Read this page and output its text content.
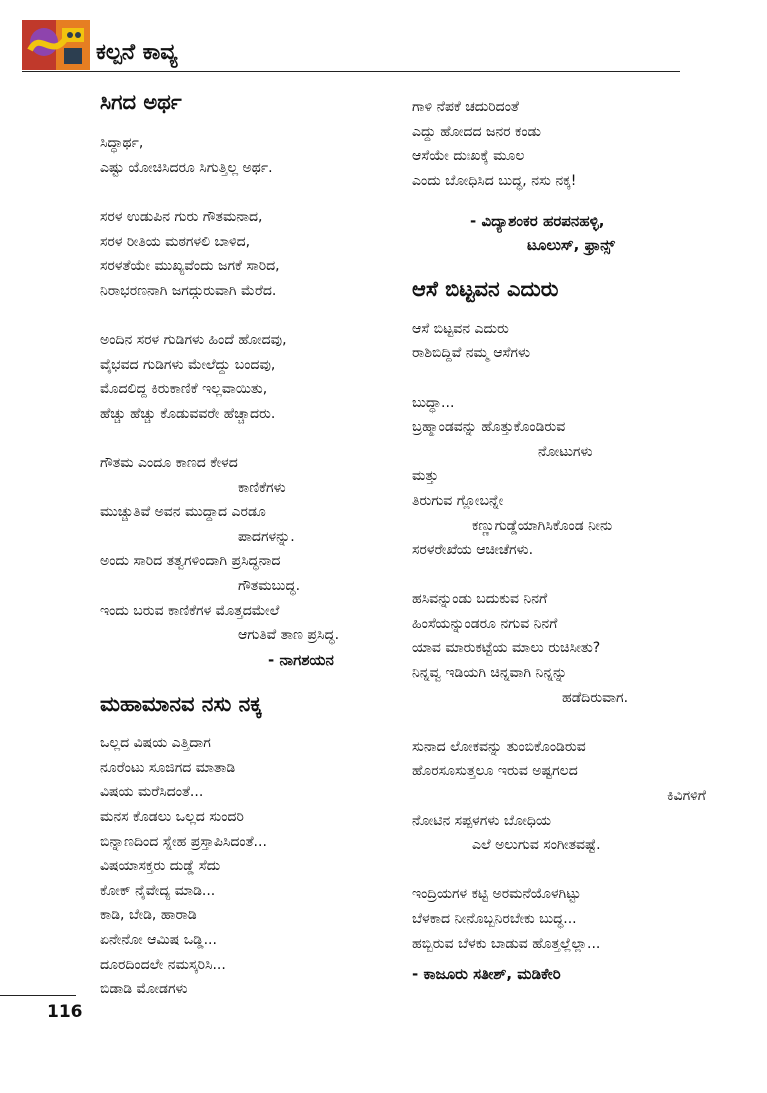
ಕಲ್ಪನೆ ಕಾವ್ಯ
ಸಿಗದ ಅರ್ಥ
ಸಿದ್ಧಾರ್ಥ,
ಎಷ್ಟು ಯೋಚಿಸಿದರೂ ಸಿಗುತ್ತಿಲ್ಲ ಅರ್ಥ.
ಸರಳ ಉಡುಪಿನ ಗುರು ಗೌತಮನಾದ,
ಸರಳ ರೀತಿಯ ಮಠಗಳಲಿ ಬಾಳಿದ,
ಸರಳತೆಯೇ ಮುಖ್ಯವೆಂದು ಜಗಕೆ ಸಾರಿದ,
ನಿರಾಭರಣನಾಗಿ ಜಗದ್ಗುರುವಾಗಿ ಮೆರೆದ.
ಅಂದಿನ ಸರಳ ಗುಡಿಗಳು ಹಿಂದೆ ಹೋದವು,
ವೈಭವದ ಗುಡಿಗಳು ಮೇಲೆದ್ದು ಬಂದವು,
ಮೊದಲಿದ್ದ ಕಿರುಕಾಣಿಕೆ ಇಲ್ಲವಾಯಿತು,
ಹೆಚ್ಚು ಹೆಚ್ಚು ಕೊಡುವವರೇ ಹೆಚ್ಚಾದರು.
ಗೌತಮ ಎಂದೂ ಕಾಣದ ಕೇಳದ
ಕಾಣಿಕೆಗಳು
ಮುಚ್ಚುತಿವೆ ಅವನ ಮುದ್ದಾದ ಎರಡೂ
ಪಾದಗಳನ್ನು.
ಅಂದು ಸಾರಿದ ತತ್ವಗಳಿಂದಾಗಿ ಪ್ರಸಿದ್ಧನಾದ
ಗೌತಮಬುದ್ಧ.
ಇಂದು ಬರುವ ಕಾಣಿಕೆಗಳ ಮೊತ್ತದಮೇಲೆ
ಆಗುತಿವೆ ತಾಣ ಪ್ರಸಿದ್ಧ.
- ನಾಗಶಯನ
ಮಹಾಮಾನವ ನಸು ನಕ್ಕ
ಒಲ್ಲದ ವಿಷಯ ಎತ್ತಿದಾಗ
ನೂರೆಂಟು ಸೂಜಿಗದ ಮಾತಾಡಿ
ವಿಷಯ ಮರೆಸಿದಂತೆ...
ಮನಸ ಕೊಡಲು ಒಲ್ಲದ ಸುಂದರಿ
ಬಿನ್ನಾಣದಿಂದ ಸ್ನೇಹ ಪ್ರಸ್ತಾಪಿಸಿದಂತೆ...
ವಿಷಯಾಸಕ್ತರು ದುಡ್ಡೆ ಸೆದು
ಕೋಕ್ ನೈವೇದ್ಯ ಮಾಡಿ...
ಕಾಡಿ, ಬೇಡಿ, ಹಾರಾಡಿ
ಏನೇನೋ ಆಮಿಷ ಒಡ್ಡಿ...
ದೂರದಿಂದಲೇ ನಮಸ್ಕರಿಸಿ...
ಬಿಡಾಡಿ ಮೋಡಗಳು
ಗಾಳಿ ನೆಪಕೆ ಚದುರಿದಂತೆ
ಎದ್ದು ಹೋದದ ಜನರ ಕಂಡು
ಆಸೆಯೇ ದುಃಖಕ್ಕೆ ಮೂಲ
ಎಂದು ಬೋಧಿಸಿದ ಬುದ್ಧ, ನಸು ನಕ್ಕ!
- ವಿದ್ಯಾಶಂಕರ ಹರಪನಹಳ್ಳಿ,
ಟೂಲುಸ್, ಫ್ರಾನ್ಸ್
ಆಸೆ ಬಿಟ್ಟವನ ಎದುರು
ಆಸೆ ಬಿಟ್ಟವನ ಎದುರು
ರಾಶಿಬಿದ್ದಿವೆ ನಮ್ಮ ಆಸೆಗಳು
ಬುದ್ಧಾ...
ಬ್ರಹ್ಮಾಂಡವನ್ನು ಹೊತ್ತುಕೊಂಡಿರುವ
ನೋಟುಗಳು
ಮತ್ತು
ತಿರುಗುವ ಗ್ಲೋಬನ್ನೇ
ಕಣ್ಣುಗುಡ್ಡೆಯಾಗಿಸಿಕೊಂಡ ನೀನು
ಸರಳರೇಖೆಯ ಆಚೀಚೆಗಳು.
ಹಸಿವನ್ನುಂಡು ಬದುಕುವ ನಿನಗೆ
ಹಿಂಸೆಯನ್ನುಂಡರೂ ನಗುವ ನಿನಗೆ
ಯಾವ ಮಾರುಕಟ್ಟೆಯ ಮಾಲು ರುಚಿಸೀತು?
ನಿನ್ನವ್ವ ಇಡಿಯಗಿ ಚಿನ್ನವಾಗಿ ನಿನ್ನನ್ನು
ಹಡೆದಿರುವಾಗ.
ಸುನಾದ ಲೋಕವನ್ನು ತುಂಬಿಕೊಂಡಿರುವ
ಹೊರಸೂಸುತ್ತಲೂ ಇರುವ ಅಷ್ಟಗಲದ
ಕಿವಿಗಳಿಗೆ
ನೋಟಿನ ಸಪ್ಪಳಗಳು ಬೋಧಿಯ
ಎಲೆ ಅಲುಗುವ ಸಂಗೀತವಷ್ಟೆ.
ಇಂದ್ರಿಯಗಳ ಕಟ್ಟಿ ಅರಮನೆಯೊಳಗಿಟ್ಟು
ಬೆಳಕಾದ ನೀನೊಬ್ಬನಿರಬೇಕು ಬುದ್ಧ...
ಹಬ್ಬಿರುವ ಬೆಳಕು ಬಾಡುವ ಹೊತ್ತಲ್ಲೆಲ್ಲಾ...
- ಕಾಜೂರು ಸತೀಶ್, ಮಡಿಕೇರಿ
116
